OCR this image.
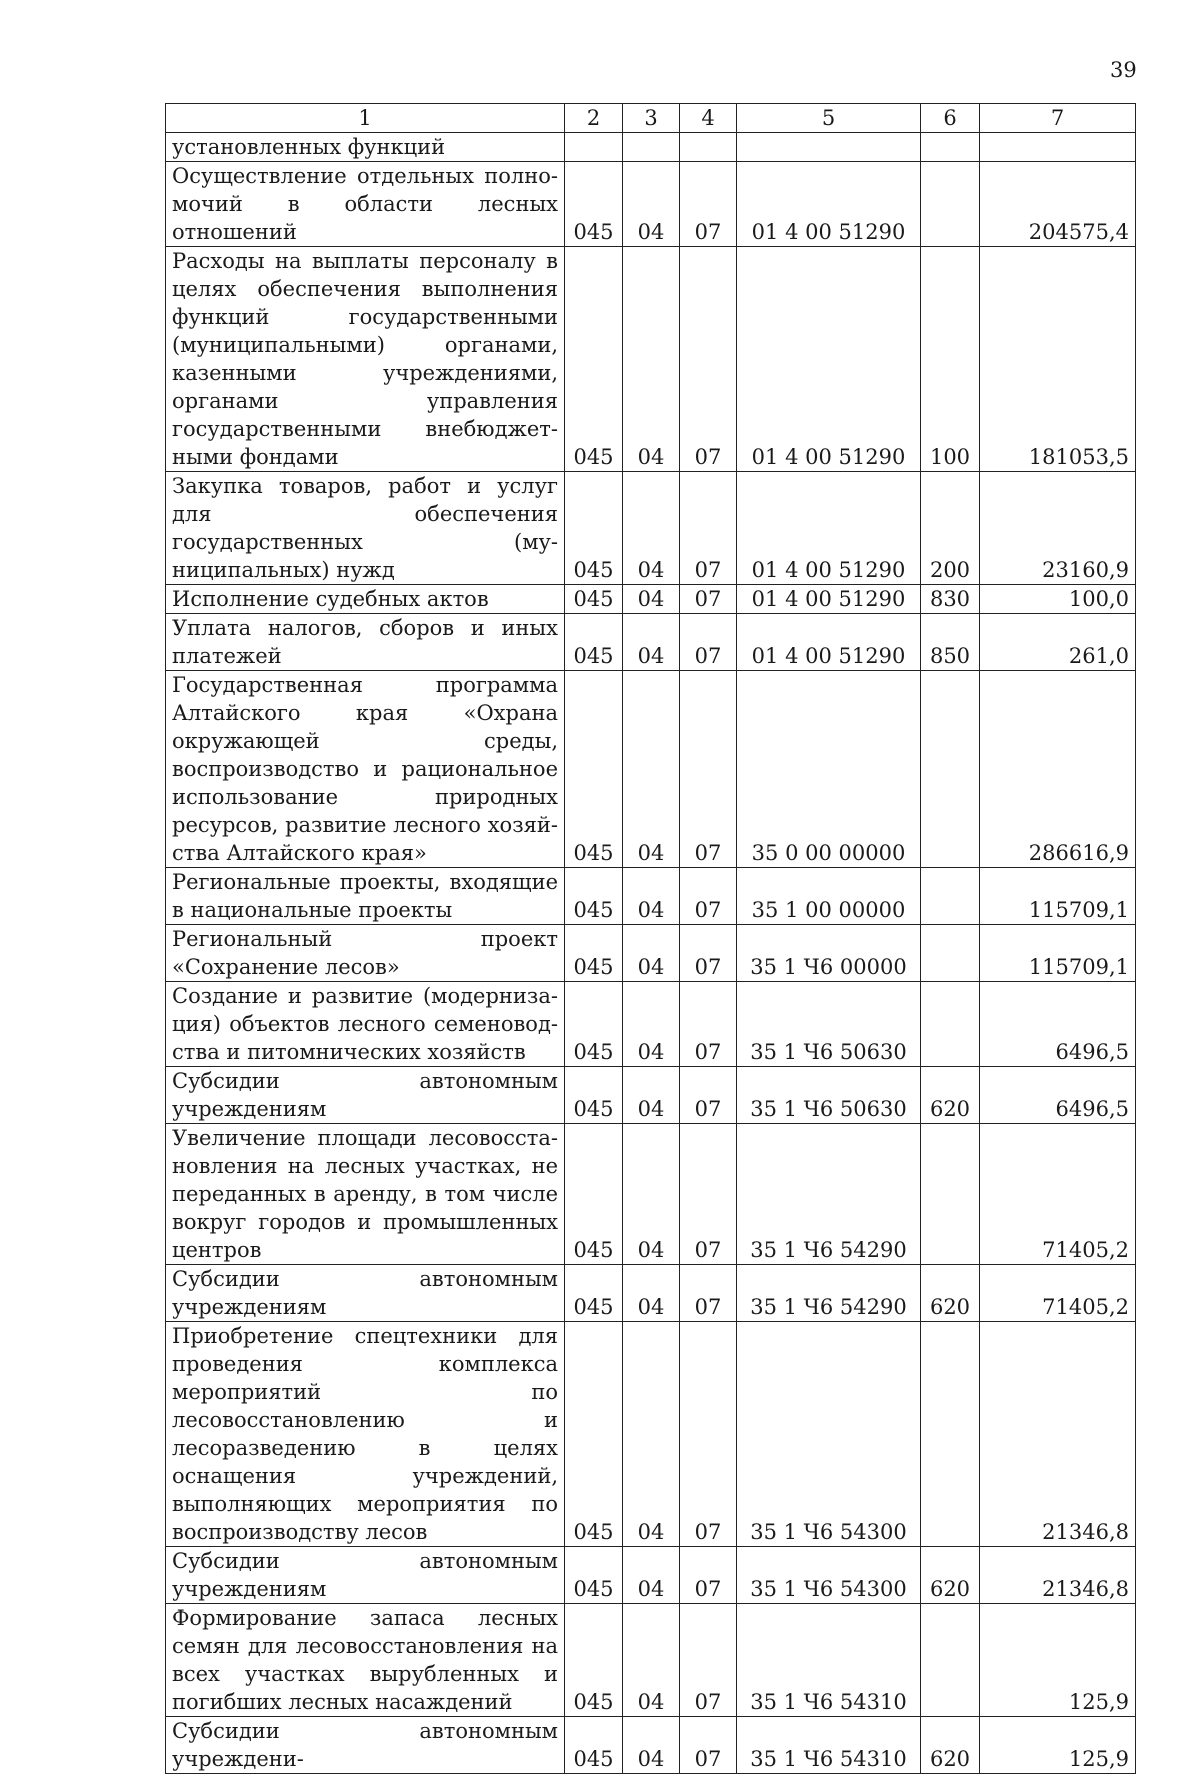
39
1	2	3	4	5	6	7
установленных функций						
Осуществление отдельных полномочий в области лесных отношений	045	04	07	01 4 00 51290		204575,4
Расходы на выплаты персоналу в целях обеспечения выполнения функций государственными (муниципальными) органами, казенными учреждениями, органами управления государственными внебюджетными фондами	045	04	07	01 4 00 51290	100	181053,5
Закупка товаров, работ и услуг для обеспечения государственных (муниципальных) нужд	045	04	07	01 4 00 51290	200	23160,9
Исполнение судебных актов	045	04	07	01 4 00 51290	830	100,0
Уплата налогов, сборов и иных платежей	045	04	07	01 4 00 51290	850	261,0
Государственная программа Алтайского края «Охрана окружающей среды, воспроизводство и рациональное использование природных ресурсов, развитие лесного хозяйства Алтайского края»	045	04	07	35 0 00 00000		286616,9
Региональные проекты, входящие в национальные проекты	045	04	07	35 1 00 00000		115709,1
Региональный проект «Сохранение лесов»	045	04	07	35 1 Ч6 00000		115709,1
Создание и развитие (модернизация) объектов лесного семеноводства и питомнических хозяйств	045	04	07	35 1 Ч6 50630		6496,5
Субсидии автономным учреждениям	045	04	07	35 1 Ч6 50630	620	6496,5
Увеличение площади лесовосстановления на лесных участках, не переданных в аренду, в том числе вокруг городов и промышленных центров	045	04	07	35 1 Ч6 54290		71405,2
Субсидии автономным учреждениям	045	04	07	35 1 Ч6 54290	620	71405,2
Приобретение спецтехники для проведения комплекса мероприятий по лесовосстановлению и лесоразведению в целях оснащения учреждений, выполняющих мероприятия по воспроизводству лесов	045	04	07	35 1 Ч6 54300		21346,8
Субсидии автономным учреждениям	045	04	07	35 1 Ч6 54300	620	21346,8
Формирование запаса лесных семян для лесовосстановления на всех участках вырубленных и погибших лесных насаждений	045	04	07	35 1 Ч6 54310		125,9
Субсидии автономным учреждени-	045	04	07	35 1 Ч6 54310	620	125,9
